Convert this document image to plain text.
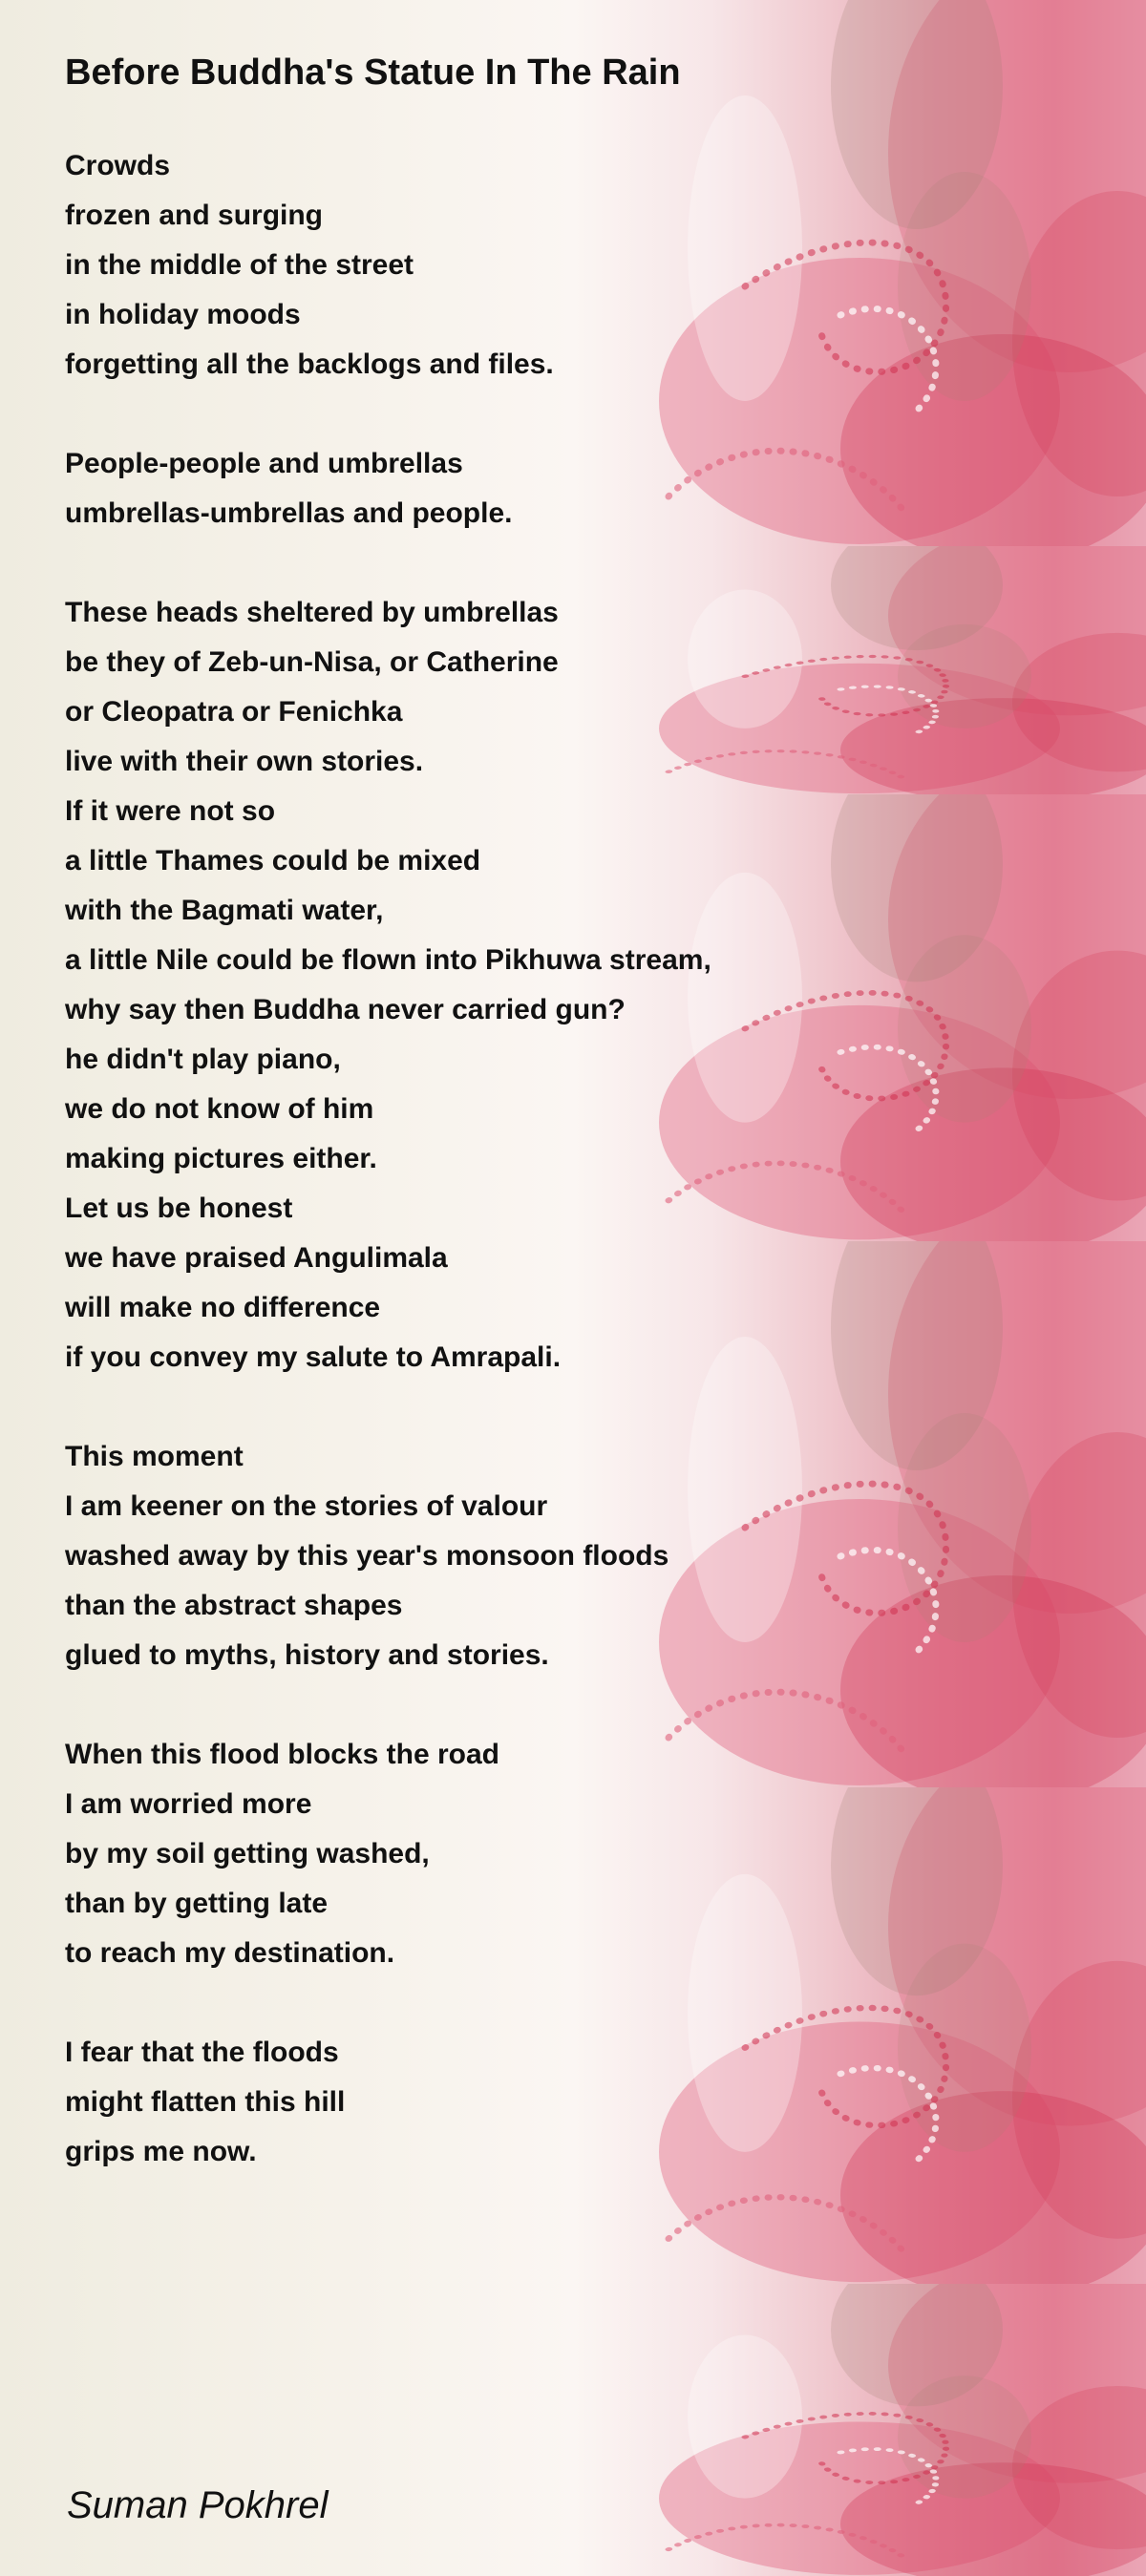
Before Buddha's Statue In The Rain
Crowds
frozen and surging
in the middle of the street
in holiday moods
forgetting all the backlogs and files.
People-people and umbrellas
umbrellas-umbrellas and people.
These heads sheltered by umbrellas
be they of Zeb-un-Nisa, or Catherine
or Cleopatra or Fenichka
live with their own stories.
If it were not so
a little Thames could be mixed
with the Bagmati water,
a little Nile could be flown into Pikhuwa stream,
why say then Buddha never carried gun?
he didn't play piano,
we do not know of him
making pictures either.
Let us be honest
we have praised Angulimala
will make no difference
if you convey my salute to Amrapali.
This moment
I am keener on the stories of valour
washed away by this year's monsoon floods
than the abstract shapes
glued to myths, history and stories.
When this flood blocks the road
I am worried more
by my soil getting washed,
than by getting late
to reach my destination.
I fear that the floods
might flatten this hill
grips me now.

Suman Pokhrel
